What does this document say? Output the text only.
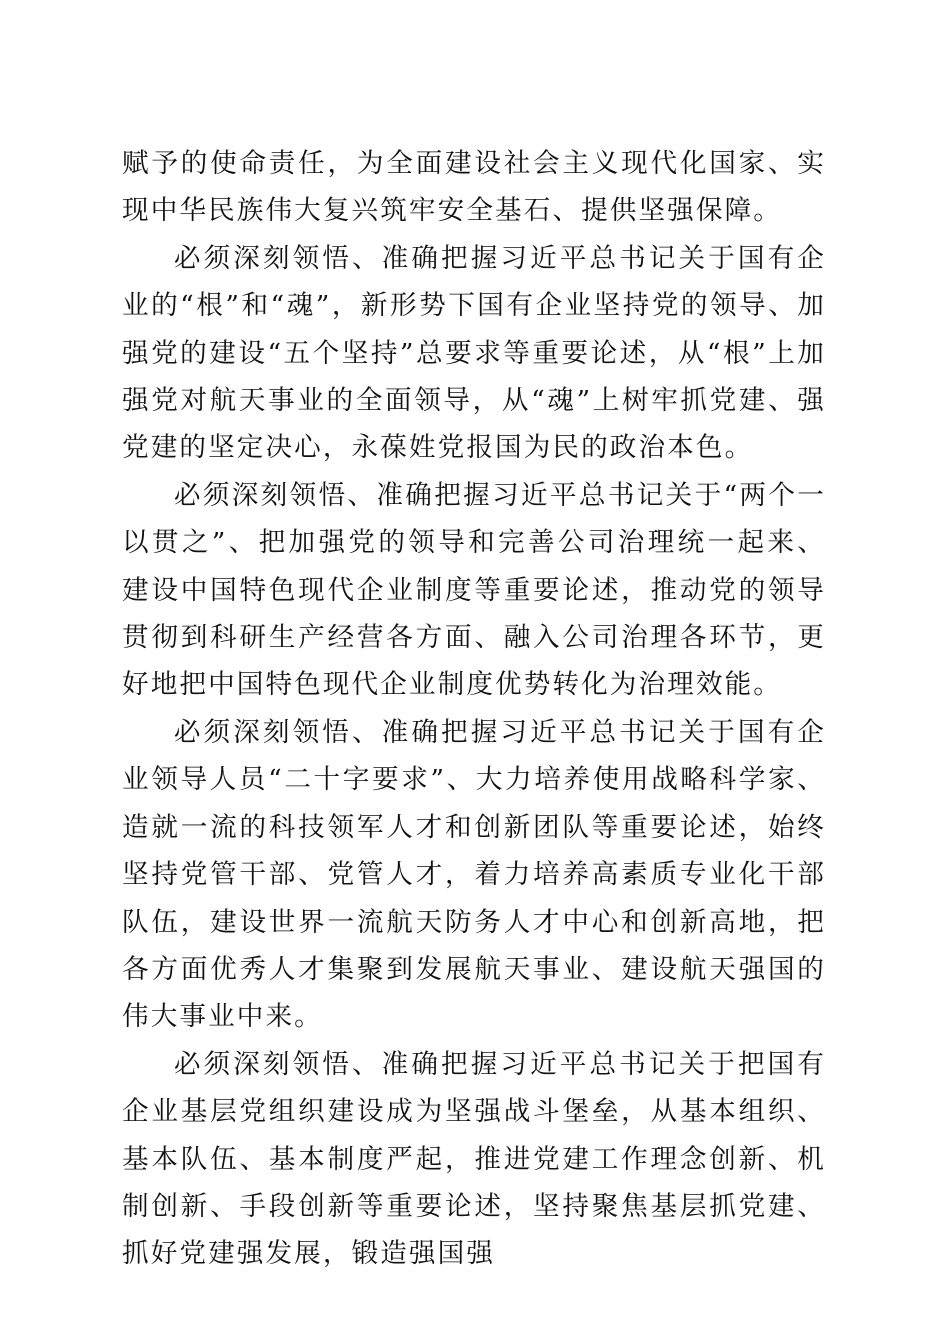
赋予的使命责任，为全面建设社会主义现代化国家、实现中华民族伟大复兴筑牢安全基石、提供坚强保障。

必须深刻领悟、准确把握习近平总书记关于国有企业的“根”和“魂”，新形势下国有企业坚持党的领导、加强党的建设“五个坚持”总要求等重要论述，从“根”上加强党对航天事业的全面领导，从“魂”上树牢抓党建、强党建的坚定决心，永葆姓党报国为民的政治本色。

必须深刻领悟、准确把握习近平总书记关于“两个一以贯之”、把加强党的领导和完善公司治理统一起来、建设中国特色现代企业制度等重要论述，推动党的领导贯彻到科研生产经营各方面、融入公司治理各环节，更好地把中国特色现代企业制度优势转化为治理效能。

必须深刻领悟、准确把握习近平总书记关于国有企业领导人员“二十字要求”、大力培养使用战略科学家、造就一流的科技领军人才和创新团队等重要论述，始终坚持党管干部、党管人才，着力培养高素质专业化干部队伍，建设世界一流航天防务人才中心和创新高地，把各方面优秀人才集聚到发展航天事业、建设航天强国的伟大事业中来。

必须深刻领悟、准确把握习近平总书记关于把国有企业基层党组织建设成为坚强战斗堡垒，从基本组织、基本队伍、基本制度严起，推进党建工作理念创新、机制创新、手段创新等重要论述，坚持聚焦基层抓党建、抓好党建强发展，锻造强国强
